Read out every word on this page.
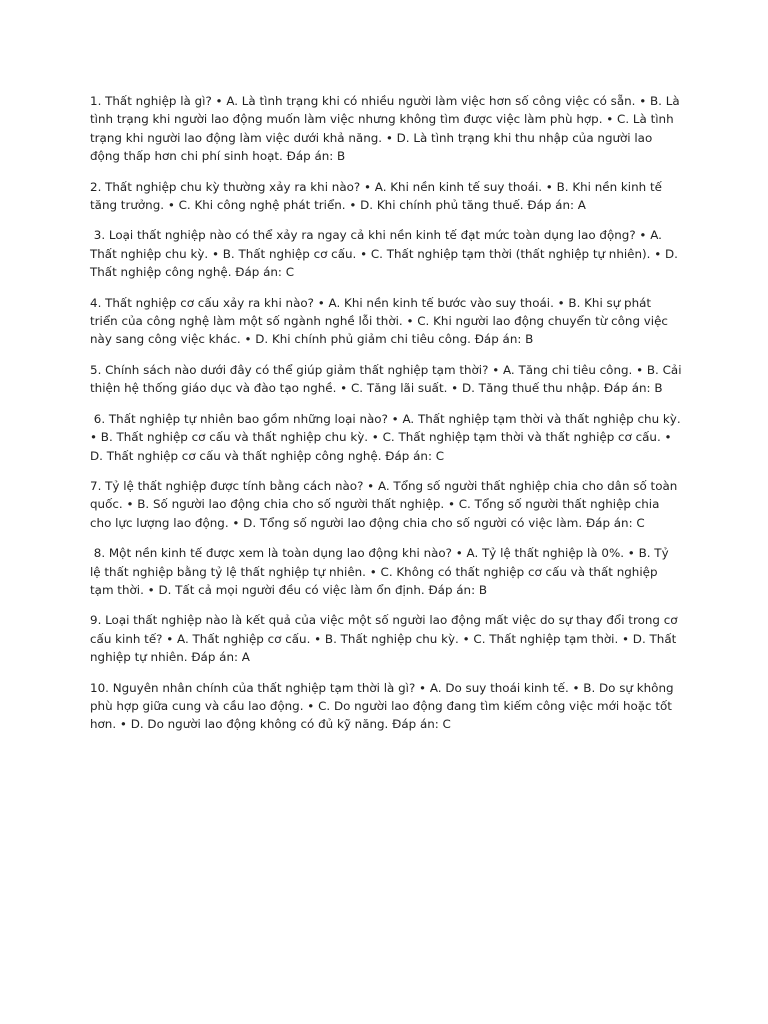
1. Thất nghiệp là gì? • A. Là tình trạng khi có nhiều người làm việc hơn số công việc có sẵn. • B. Là tình trạng khi người lao động muốn làm việc nhưng không tìm được việc làm phù hợp. • C. Là tình trạng khi người lao động làm việc dưới khả năng. • D. Là tình trạng khi thu nhập của người lao động thấp hơn chi phí sinh hoạt. Đáp án: B

2. Thất nghiệp chu kỳ thường xảy ra khi nào? • A. Khi nền kinh tế suy thoái. • B. Khi nền kinh tế tăng trưởng. • C. Khi công nghệ phát triển. • D. Khi chính phủ tăng thuế. Đáp án: A

3. Loại thất nghiệp nào có thể xảy ra ngay cả khi nền kinh tế đạt mức toàn dụng lao động? • A. Thất nghiệp chu kỳ. • B. Thất nghiệp cơ cấu. • C. Thất nghiệp tạm thời (thất nghiệp tự nhiên). • D. Thất nghiệp công nghệ. Đáp án: C

4. Thất nghiệp cơ cấu xảy ra khi nào? • A. Khi nền kinh tế bước vào suy thoái. • B. Khi sự phát triển của công nghệ làm một số ngành nghề lỗi thời. • C. Khi người lao động chuyển từ công việc này sang công việc khác. • D. Khi chính phủ giảm chi tiêu công. Đáp án: B

5. Chính sách nào dưới đây có thể giúp giảm thất nghiệp tạm thời? • A. Tăng chi tiêu công. • B. Cải thiện hệ thống giáo dục và đào tạo nghề. • C. Tăng lãi suất. • D. Tăng thuế thu nhập. Đáp án: B

6. Thất nghiệp tự nhiên bao gồm những loại nào? • A. Thất nghiệp tạm thời và thất nghiệp chu kỳ. • B. Thất nghiệp cơ cấu và thất nghiệp chu kỳ. • C. Thất nghiệp tạm thời và thất nghiệp cơ cấu. • D. Thất nghiệp cơ cấu và thất nghiệp công nghệ. Đáp án: C

7. Tỷ lệ thất nghiệp được tính bằng cách nào? • A. Tổng số người thất nghiệp chia cho dân số toàn quốc. • B. Số người lao động chia cho số người thất nghiệp. • C. Tổng số người thất nghiệp chia cho lực lượng lao động. • D. Tổng số người lao động chia cho số người có việc làm. Đáp án: C

8. Một nền kinh tế được xem là toàn dụng lao động khi nào? • A. Tỷ lệ thất nghiệp là 0%. • B. Tỷ lệ thất nghiệp bằng tỷ lệ thất nghiệp tự nhiên. • C. Không có thất nghiệp cơ cấu và thất nghiệp tạm thời. • D. Tất cả mọi người đều có việc làm ổn định. Đáp án: B

9. Loại thất nghiệp nào là kết quả của việc một số người lao động mất việc do sự thay đổi trong cơ cấu kinh tế? • A. Thất nghiệp cơ cấu. • B. Thất nghiệp chu kỳ. • C. Thất nghiệp tạm thời. • D. Thất nghiệp tự nhiên. Đáp án: A

10. Nguyên nhân chính của thất nghiệp tạm thời là gì? • A. Do suy thoái kinh tế. • B. Do sự không phù hợp giữa cung và cầu lao động. • C. Do người lao động đang tìm kiếm công việc mới hoặc tốt hơn. • D. Do người lao động không có đủ kỹ năng. Đáp án: C
